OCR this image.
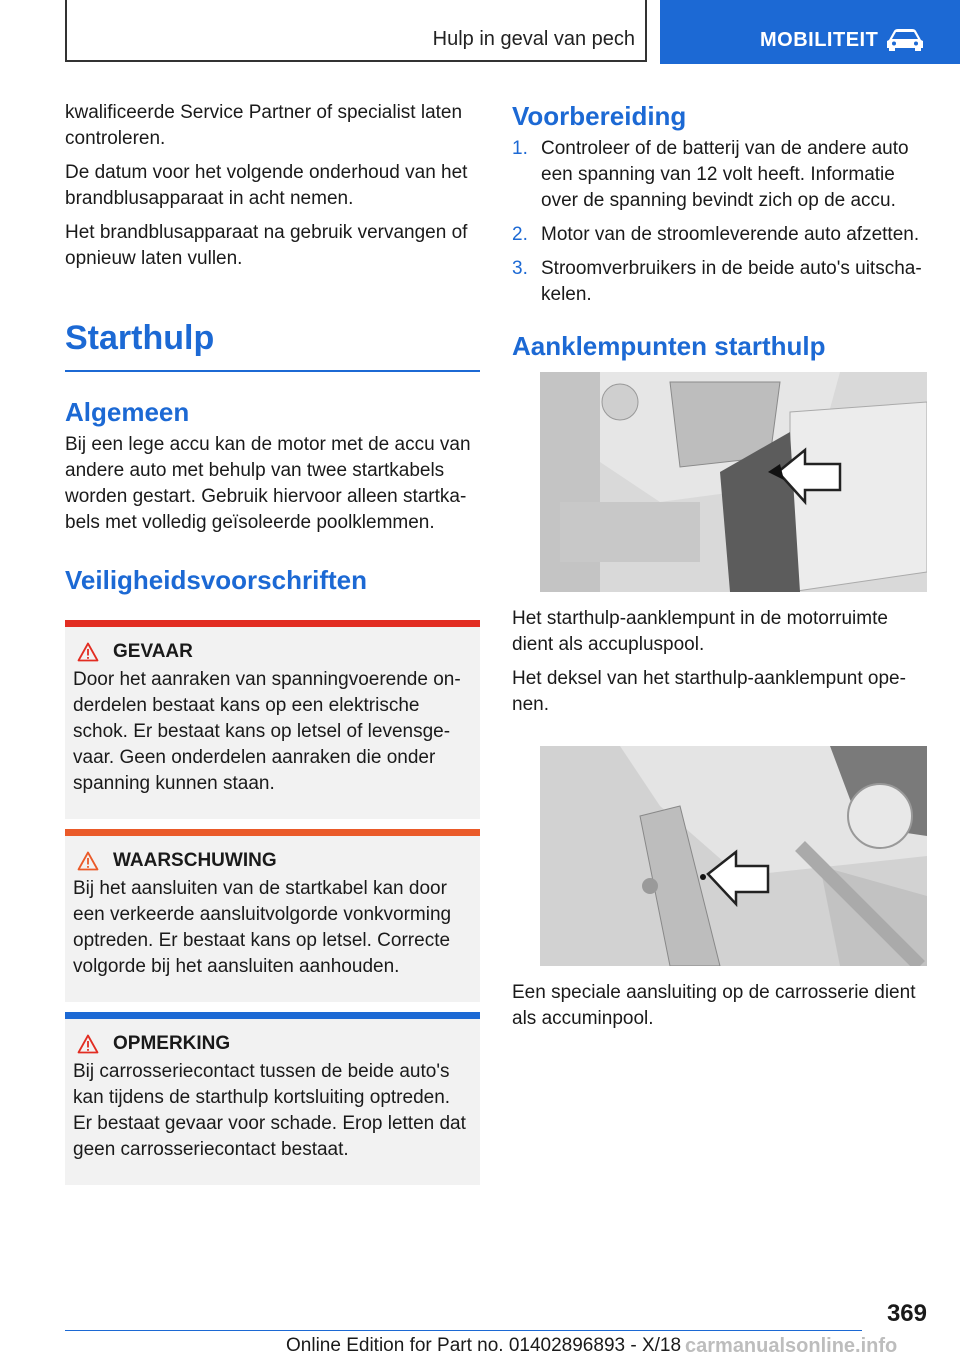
Hulp in geval van pech	MOBILITEIT

kwalificeerde Service Partner of specialist laten controleren.

De datum voor het volgende onderhoud van het brandblusapparaat in acht nemen.

Het brandblusapparaat na gebruik vervangen of opnieuw laten vullen.

Starthulp
Algemeen

Bij een lege accu kan de motor met de accu van andere auto met behulp van twee startkabels worden gestart. Gebruik hiervoor alleen startka- bels met volledig geïsoleerde poolklemmen.

Veiligheidsvoorschriften
GEVAAR

Door het aanraken van spanningvoerende on- derdelen bestaat kans op een elektrische schok. Er bestaat kans op letsel of levensge- vaar. Geen onderdelen aanraken die onder spanning kunnen staan.

WAARSCHUWING

Bij het aansluiten van de startkabel kan door een verkeerde aansluitvolgorde vonkvorming optreden. Er bestaat kans op letsel. Correcte volgorde bij het aansluiten aanhouden.

OPMERKING

Bij carrosseriecontact tussen de beide auto's kan tijdens de starthulp kortsluiting optreden. Er bestaat gevaar voor schade. Erop letten dat geen carrosseriecontact bestaat.

Voorbereiding
1. Controleer of de batterij van de andere auto een spanning van 12 volt heeft. Informatie over de spanning bevindt zich op de accu.
2. Motor van de stroomleverende auto afzetten.
3. Stroomverbruikers in de beide auto's uitscha- kelen.
Aanklempunten starthulp

Het starthulp-aanklempunt in de motorruimte dient als accupluspool.

Het deksel van het starthulp-aanklempunt ope- nen.

Een speciale aansluiting op de carrosserie dient als accuminpool.

369
Online Edition for Part no. 01402896893 - X/18 carmanualsonline.info
